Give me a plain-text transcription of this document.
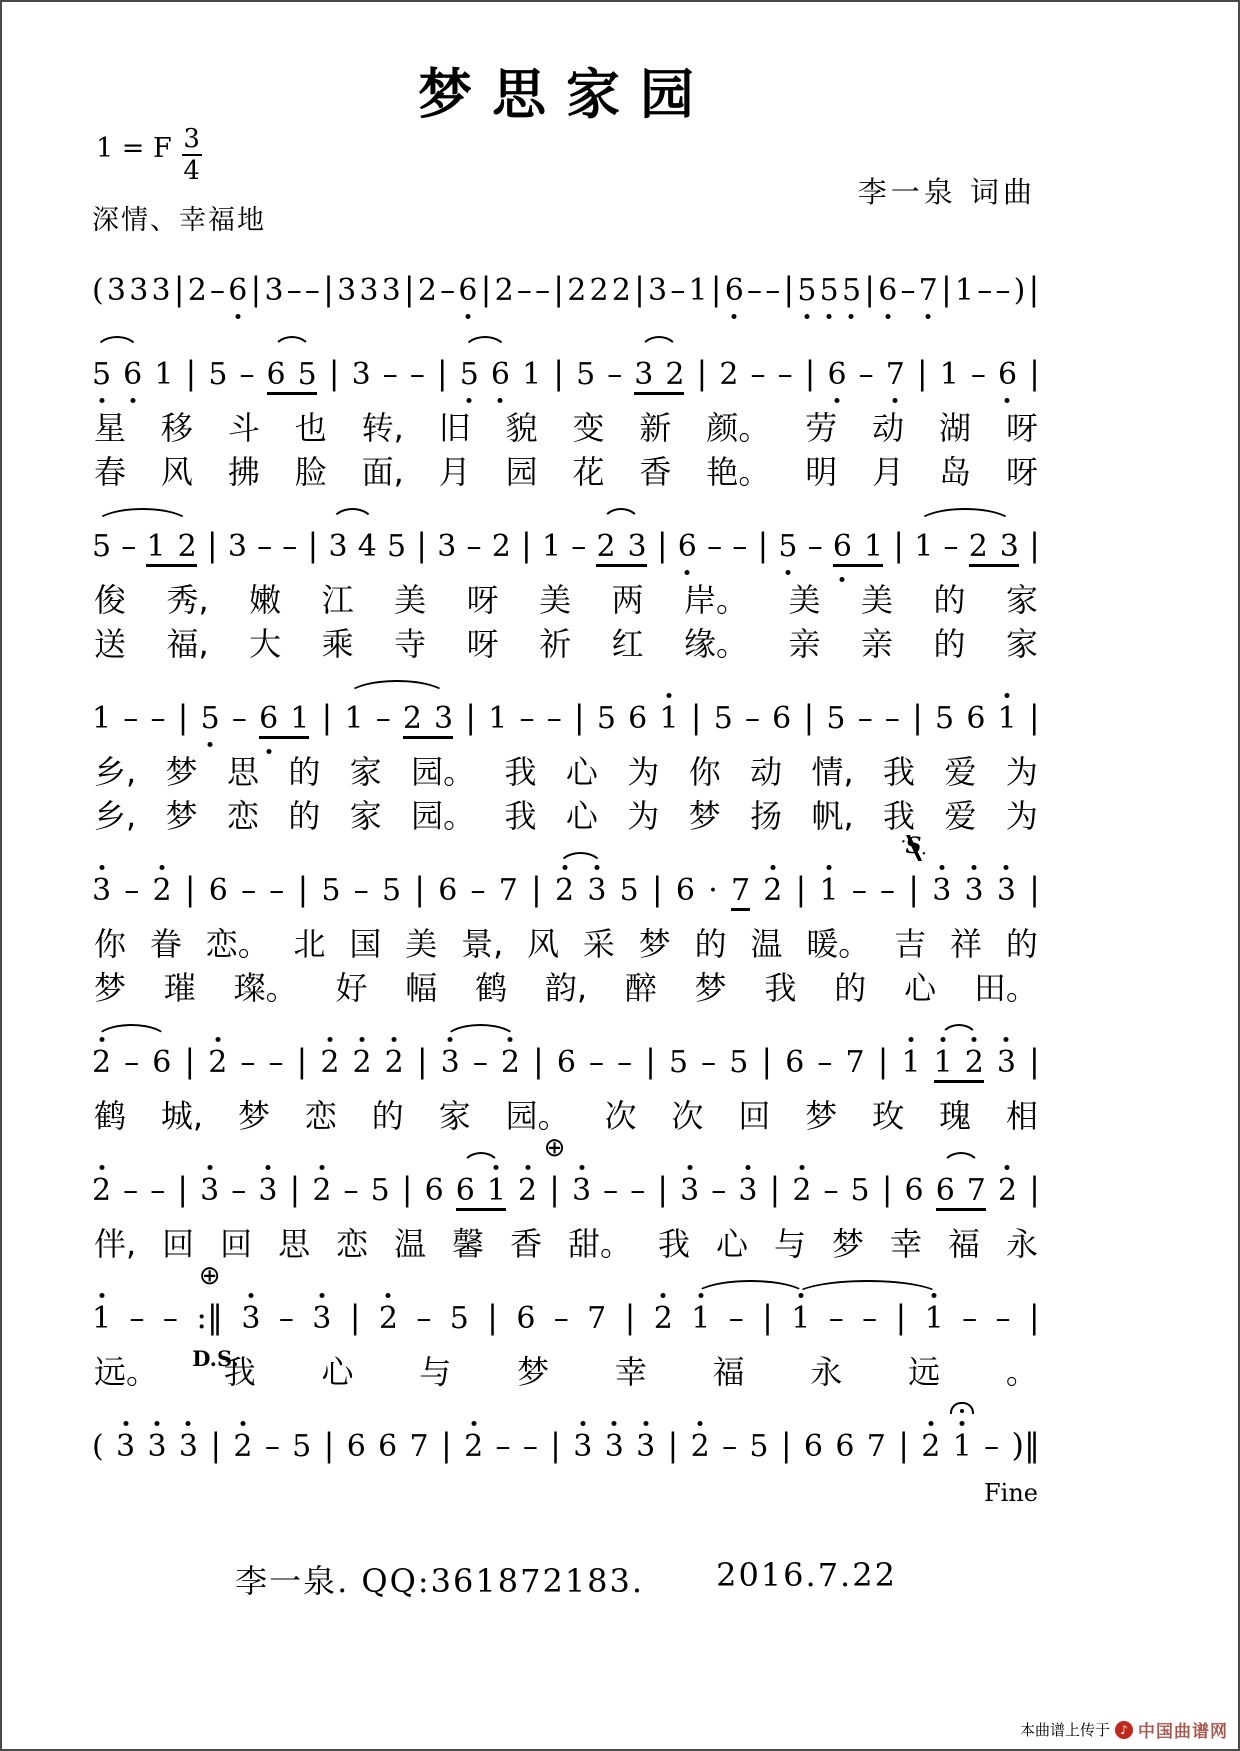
梦思家园
1 = F $\frac{3}{4}$
深情、幸福地
李一泉 词曲
( 3 3 3 | 2 – 6 | 3 – – | 3 3 3 | 2 – 6 | 2 – – | 2 2 2 | 3 – 1 | 6 – – | 5 5 5 | 6 – 7 | 1 – – ) |
5 6 1 | 5 – 6 5 | 3 – – | 5 6 1 | 5 – 3 2 | 2 – – | 6 – 7 | 1 – 6 |
星 移 斗 也 转, 旧 貌 变 新 颜。 劳 动 湖 呀
春 风 拂 脸 面, 月 园 花 香 艳。 明 月 岛 呀
5 – 1 2 | 3 – – | 3 4 5 | 3 – 2 | 1 – 2 3 | 6 – – | 5 – 6 1 | 1 – 2 3 |
俊 秀, 嫩 江 美 呀 美 两 岸。 美 美 的 家
送 福, 大 乘 寺 呀 祈 红 缘。 亲 亲 的 家
1 – – | 5 – 6 1 | 1 – 2 3 | 1 – – | 5 6 1 | 5 – 6 | 5 – – | 5 6 1 |
乡, 梦 思 的 家 园。 我 心 为 你 动 情, 我 爱 为
乡, 梦 恋 的 家 园。 我 心 为 梦 扬 帆, 我 爱 为
3 – 2 | 6 – – | 5 – 5 | 6 – 7 | 2 3 5 | 6 · 7 2 | 1 – – |
· S ·
3 3 3 |
你 眷 恋。 北 国 美 景, 风 采 梦 的 温 暖。 吉 祥 的
梦 璀 璨。 好 幅 鹤 韵, 醉 梦 我 的 心 田。
2 – 6 | 2 – – | 2 2 2 | 3 – 2 | 6 – – | 5 – 5 | 6 – 7 | 1 1 2 3 |
鹤 城, 梦 恋 的 家 园。 次 次 回 梦 玫 瑰 相
2 – – | 3 – 3 | 2 – 5 | 6 6 1 2 |
⊕
3 – – | 3 – 3 | 2 – 5 | 6 6 7 2 |
伴, 回 回 思 恋 温 馨 香 甜。 我 心 与 梦 幸 福 永
1 – – :‖
⊕
D.S.
3 – 3 | 2 – 5 | 6 – 7 | 2 1 – | 1 – – | 1 – – |
远。 我 心 与 梦 幸 福 永 远 。
( 3 3 3 | 2 – 5 | 6 6 7 | 2 – – | 3 3 3 | 2 – 5 | 6 6 7 | 2 1 – )‖
Fine
李一泉. QQ:361872183. 2016.7.22
本曲谱上传于 ♪ 中国曲谱网
